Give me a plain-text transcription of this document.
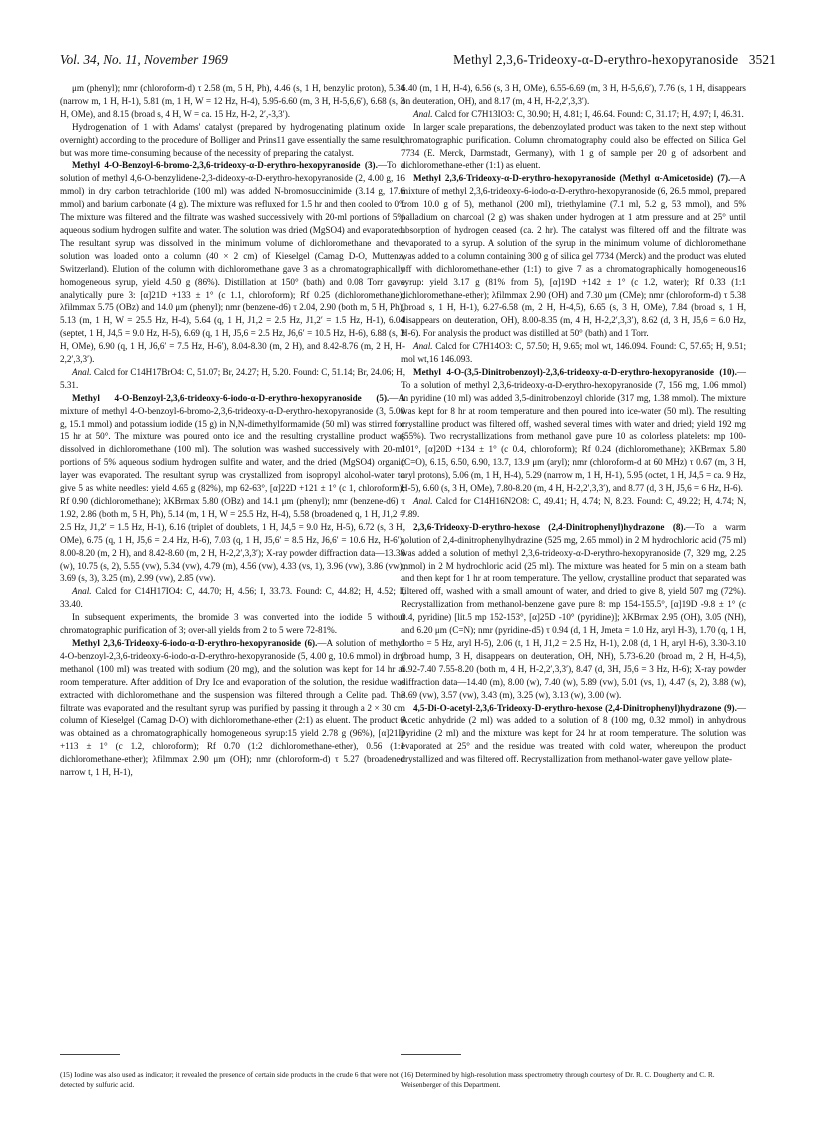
Vol. 34, No. 11, November 1969	Methyl 2,3,6-Trideoxy-α-D-erythro-hexopyranoside 3521

μm (phenyl); nmr (chloroform-d) τ 2.58 (m, 5 H, Ph), 4.46 (s, 1 H, benzylic proton), 5.34 (narrow m, 1 H, H-1), 5.81 (m, 1 H, W = 12 Hz, H-4), 5.95-6.60 (m, 3 H, H-5,6,6′), 6.68 (s, 3 H, OMe), and 8.15 (broad s, 4 H, W = ca. 15 Hz, H-2, 2′,-3,3′).

Hydrogenation of 1 with Adams' catalyst (prepared by hydrogenating platinum oxide overnight) according to the procedure of Bolliger and Prins11 gave essentially the same result, but was more time-consuming because of the necessity of preparing the catalyst.

Methyl 4-O-Benzoyl-6-bromo-2,3,6-trideoxy-α-D-erythro-hexopyranoside (3).—To a solution of methyl 4,6-O-benzylidene-2,3-dideoxy-α-D-erythro-hexopyranoside (2, 4.00 g, 16 mmol) in dry carbon tetrachloride (100 ml) was added N-bromosuccinimide (3.14 g, 17.6 mmol) and barium carbonate (4 g). The mixture was refluxed for 1.5 hr and then cooled to 0°. The mixture was filtered and the filtrate was washed successively with 20-ml portions of 5% aqueous sodium hydrogen sulfite and water. The solution was dried (MgSO4) and evaporated. The resultant syrup was dissolved in the minimum volume of dichloromethane and the solution was loaded onto a column (40 × 2 cm) of Kieselgel (Camag D-O, Muttenz, Switzerland). Elution of the column with dichloromethane gave 3 as a chromatographically homogeneous syrup, yield 4.50 g (86%). Distillation at 150° (bath) and 0.08 Torr gave analytically pure 3: [α]21D +133 ± 1° (c 1.1, chloroform); Rf 0.25 (dichloromethane); λfilmmax 5.75 (OBz) and 14.0 μm (phenyl); nmr (benzene-d6) τ 2.04, 2.90 (both m, 5 H, Ph), 5.13 (m, 1 H, W = 25.5 Hz, H-4), 5.64 (q, 1 H, J1,2 = 2.5 Hz, J1,2′ = 1.5 Hz, H-1), 6.04 (septet, 1 H, J4,5 = 9.0 Hz, H-5), 6.69 (q, 1 H, J5,6 = 2.5 Hz, J6,6′ = 10.5 Hz, H-6), 6.88 (s, 3 H, OMe), 6.90 (q, 1 H, J6,6′ = 7.5 Hz, H-6′), 8.04-8.30 (m, 2 H), and 8.42-8.76 (m, 2 H, H-2,2′,3,3′).

Anal. Calcd for C14H17BrO4: C, 51.07; Br, 24.27; H, 5.20. Found: C, 51.14; Br, 24.06; H, 5.31.

Methyl 4-O-Benzoyl-2,3,6-trideoxy-6-iodo-α-D-erythro-hexopyranoside (5).—A mixture of methyl 4-O-benzoyl-6-bromo-2,3,6-trideoxy-α-D-erythro-hexopyranoside (3, 5.00 g, 15.1 mmol) and potassium iodide (15 g) in N,N-dimethylformamide (50 ml) was stirred for 15 hr at 50°. The mixture was poured onto ice and the resulting crystalline product was dissolved in dichloromethane (100 ml). The solution was washed successively with 20-ml portions of 5% aqueous sodium hydrogen sulfite and water, and the dried (MgSO4) organic layer was evaporated. The resultant syrup was crystallized from isopropyl alcohol-water to give 5 as white needles: yield 4.65 g (82%), mp 62-63°, [α]22D +121 ± 1° (c 1, chloroform); Rf 0.90 (dichloromethane); λKBrmax 5.80 (OBz) and 14.1 μm (phenyl); nmr (benzene-d6) τ 1.92, 2.86 (both m, 5 H, Ph), 5.14 (m, 1 H, W = 25.5 Hz, H-4), 5.58 (broadened q, 1 H, J1,2 = 2.5 Hz, J1,2′ = 1.5 Hz, H-1), 6.16 (triplet of doublets, 1 H, J4,5 = 9.0 Hz, H-5), 6.72 (s, 3 H, OMe), 6.75 (q, 1 H, J5,6 = 2.4 Hz, H-6), 7.03 (q, 1 H, J5,6′ = 8.5 Hz, J6,6′ = 10.6 Hz, H-6′), 8.00-8.20 (m, 2 H), and 8.42-8.60 (m, 2 H, H-2,2′,3,3′); X-ray powder diffraction data—13.38 (w), 10.75 (s, 2), 5.55 (vw), 5.34 (vw), 4.79 (m), 4.56 (vw), 4.33 (vs, 1), 3.96 (vw), 3.86 (vw), 3.69 (s, 3), 3.25 (m), 2.99 (vw), 2.85 (vw).

Anal. Calcd for C14H17IO4: C, 44.70; H, 4.56; I, 33.73. Found: C, 44.82; H, 4.52; I, 33.40.

In subsequent experiments, the bromide 3 was converted into the iodide 5 without chromatographic purification of 3; over-all yields from 2 to 5 were 72-81%.

Methyl 2,3,6-Trideoxy-6-iodo-α-D-erythro-hexopyranoside (6).—A solution of methyl 4-O-benzoyl-2,3,6-trideoxy-6-iodo-α-D-erythro-hexopyranoside (5, 4.00 g, 10.6 mmol) in dry methanol (100 ml) was treated with sodium (20 mg), and the solution was kept for 14 hr at room temperature. After addition of Dry Ice and evaporation of the solution, the residue was extracted with dichloromethane and the suspension was filtered through a Celite pad. The filtrate was evaporated and the resultant syrup was purified by passing it through a 2 × 30 cm column of Kieselgel (Camag D-O) with dichloromethane-ether (2:1) as eluent. The product 6 was obtained as a chromatographically homogeneous syrup:15 yield 2.78 g (96%), [α]21D +113 ± 1° (c 1.2, chloroform); Rf 0.70 (1:2 dichloromethane-ether), 0.56 (1:1 dichloromethane-ether); λfilmmax 2.90 μm (OH); nmr (chloroform-d) τ 5.27 (broadened narrow t, 1 H, H-1),

6.40 (m, 1 H, H-4), 6.56 (s, 3 H, OMe), 6.55-6.69 (m, 3 H, H-5,6,6′), 7.76 (s, 1 H, disappears on deuteration, OH), and 8.17 (m, 4 H, H-2,2′,3,3′).

Anal. Calcd for C7H13IO3: C, 30.90; H, 4.81; I, 46.64. Found: C, 31.17; H, 4.97; I, 46.31.

In larger scale preparations, the debenzoylated product was taken to the next step without chromatographic purification. Column chromatography could also be effected on Silica Gel 7734 (E. Merck, Darmstadt, Germany), with 1 g of sample per 20 g of adsorbent and dichloromethane-ether (1:1) as eluent.

Methyl 2,3,6-Trideoxy-α-D-erythro-hexopyranoside (Methyl α-Amicetoside) (7).—A mixture of methyl 2,3,6-trideoxy-6-iodo-α-D-erythro-hexopyranoside (6, 26.5 mmol, prepared from 10.0 g of 5), methanol (200 ml), triethylamine (7.1 ml, 5.2 g, 53 mmol), and 5% palladium on charcoal (2 g) was shaken under hydrogen at 1 atm pressure and at 25° until absorption of hydrogen ceased (ca. 2 hr). The catalyst was filtered off and the filtrate was evaporated to a syrup. A solution of the syrup in the minimum volume of dichloromethane was added to a column containing 300 g of silica gel 7734 (Merck) and the product was eluted off with dichloromethane-ether (1:1) to give 7 as a chromatographically homogeneous16 syrup: yield 3.17 g (81% from 5), [α]19D +142 ± 1° (c 1.2, water); Rf 0.33 (1:1 dichloromethane-ether); λfilmmax 2.90 (OH) and 7.30 μm (CMe); nmr (chloroform-d) τ 5.38 (broad s, 1 H, H-1), 6.27-6.58 (m, 2 H, H-4,5), 6.65 (s, 3 H, OMe), 7.84 (broad s, 1 H, disappears on deuteration, OH), 8.00-8.35 (m, 4 H, H-2,2′,3,3′), 8.62 (d, 3 H, J5,6 = 6.0 Hz, H-6). For analysis the product was distilled at 50° (bath) and 1 Torr.

Anal. Calcd for C7H14O3: C, 57.50; H, 9.65; mol wt, 146.094. Found: C, 57.65; H, 9.51; mol wt,16 146.093.

Methyl 4-O-(3,5-Dinitrobenzoyl)-2,3,6-trideoxy-α-D-erythro-hexopyranoside (10).—To a solution of methyl 2,3,6-trideoxy-α-D-erythro-hexopyranoside (7, 156 mg, 1.06 mmol) in pyridine (10 ml) was added 3,5-dinitrobenzoyl chloride (317 mg, 1.38 mmol). The mixture was kept for 8 hr at room temperature and then poured into ice-water (50 ml). The resulting crystalline product was filtered off, washed several times with water and dried; yield 192 mg (55%). Two recrystallizations from methanol gave pure 10 as colorless platelets: mp 100-101°, [α]20D +134 ± 1° (c 0.4, chloroform); Rf 0.24 (dichloromethane); λKBrmax 5.80 (C=O), 6.15, 6.50, 6.90, 13.7, 13.9 μm (aryl); nmr (chloroform-d at 60 MHz) τ 0.67 (m, 3 H, aryl protons), 5.06 (m, 1 H, H-4), 5.29 (narrow m, 1 H, H-1), 5.95 (octet, 1 H, J4,5 = ca. 9 Hz, H-5), 6.60 (s, 3 H, OMe), 7.80-8.20 (m, 4 H, H-2,2′,3,3′), and 8.77 (d, 3 H, J5,6 = 6 Hz, H-6).

Anal. Calcd for C14H16N2O8: C, 49.41; H, 4.74; N, 8.23. Found: C, 49.22; H, 4.74; N, 7.89.

2,3,6-Trideoxy-D-erythro-hexose (2,4-Dinitrophenyl)hydrazone (8).—To a warm solution of 2,4-dinitrophenylhydrazine (525 mg, 2.65 mmol) in 2 M hydrochloric acid (75 ml) was added a solution of methyl 2,3,6-trideoxy-α-D-erythro-hexopyranoside (7, 329 mg, 2.25 mmol) in 2 M hydrochloric acid (25 ml). The mixture was heated for 5 min on a steam bath and then kept for 1 hr at room temperature. The yellow, crystalline product that separated was filtered off, washed with a small amount of water, and dried to give 8, yield 507 mg (72%). Recrystallization from methanol-benzene gave pure 8: mp 154-155.5°, [α]19D -9.8 ± 1° (c 0.4, pyridine) [lit.5 mp 152-153°, [α]25D -10° (pyridine)]; λKBrmax 2.95 (OH), 3.05 (NH), and 6.20 μm (C=N); nmr (pyridine-d5) τ 0.94 (d, 1 H, Jmeta = 1.0 Hz, aryl H-3), 1.70 (q, 1 H, Jortho = 5 Hz, aryl H-5), 2.06 (t, 1 H, J1,2 = 2.5 Hz, H-1), 2.08 (d, 1 H, aryl H-6), 3.30-3.10 (broad hump, 3 H, disappears on deuteration, OH, NH), 5.73-6.20 (broad m, 2 H, H-4,5), 6.92-7.40 7.55-8.20 (both m, 4 H, H-2,2′,3,3′), 8.47 (d, 3H, J5,6 = 3 Hz, H-6); X-ray powder diffraction data—14.40 (m), 8.00 (w), 7.40 (w), 5.89 (vw), 5.01 (vs, 1), 4.47 (s, 2), 3.88 (w), 3.69 (vw), 3.57 (vw), 3.43 (m), 3.25 (w), 3.13 (w), 3.00 (w).

4,5-Di-O-acetyl-2,3,6-Trideoxy-D-erythro-hexose (2,4-Dinitrophenyl)hydrazone (9).—Acetic anhydride (2 ml) was added to a solution of 8 (100 mg, 0.32 mmol) in anhydrous pyridine (2 ml) and the mixture was kept for 24 hr at room temperature. The solution was evaporated at 25° and the residue was treated with cold water, whereupon the product crystallized and was filtered off. Recrystallization from methanol-water gave yellow plate-

(15) Iodine was also used as indicator; it revealed the presence of certain side products in the crude 6 that were not detected by sulfuric acid.

(16) Determined by high-resolution mass spectrometry through courtesy of Dr. R. C. Dougherty and C. R. Weisenberger of this Department.
